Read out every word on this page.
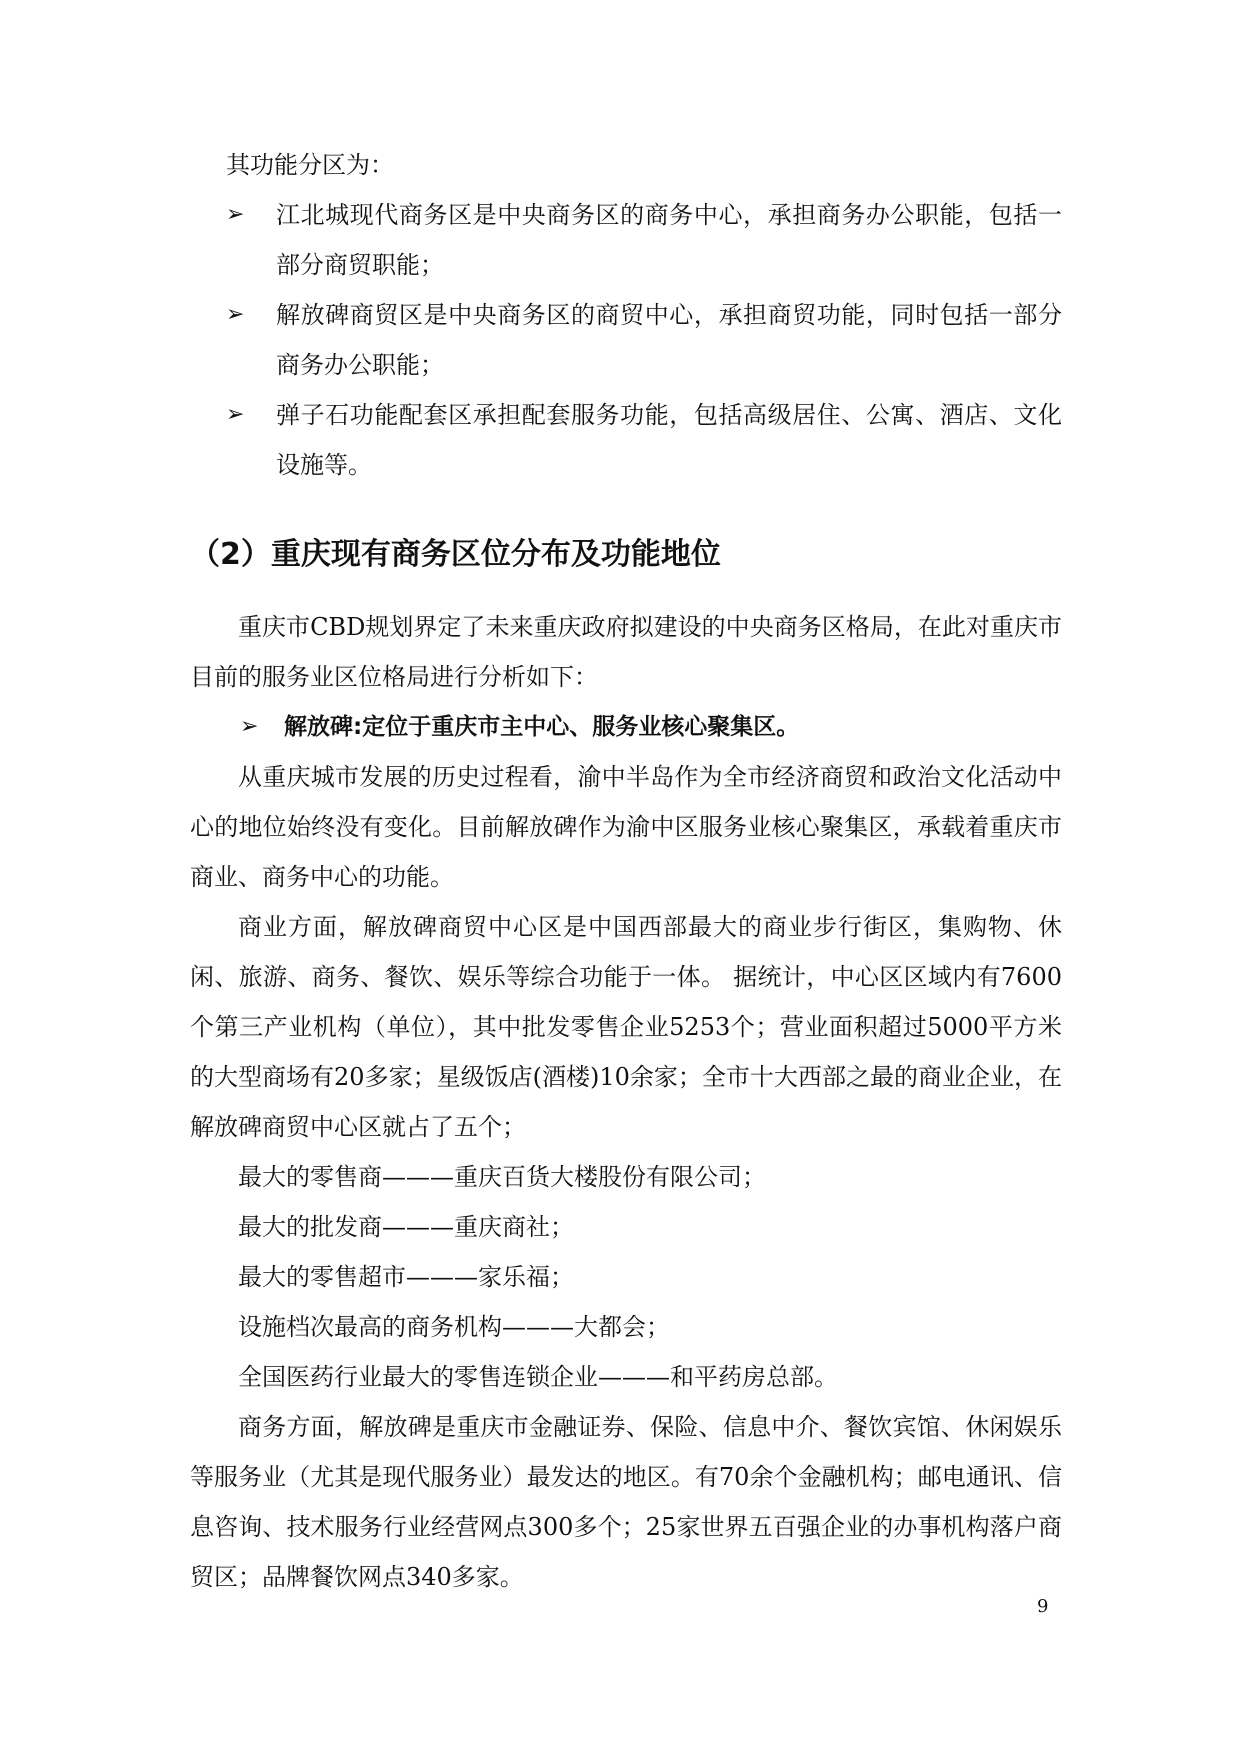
其功能分区为：

➢ 江北城现代商务区是中央商务区的商务中心，承担商务办公职能，包括一部分商贸职能；
➢ 解放碑商贸区是中央商务区的商贸中心，承担商贸功能，同时包括一部分商务办公职能；
➢ 弹子石功能配套区承担配套服务功能，包括高级居住、公寓、酒店、文化设施等。
（2）重庆现有商务区位分布及功能地位

重庆市CBD规划界定了未来重庆政府拟建设的中央商务区格局，在此对重庆市目前的服务业区位格局进行分析如下：

➢ 解放碑:定位于重庆市主中心、服务业核心聚集区。

从重庆城市发展的历史过程看，渝中半岛作为全市经济商贸和政治文化活动中心的地位始终没有变化。目前解放碑作为渝中区服务业核心聚集区，承载着重庆市商业、商务中心的功能。

商业方面，解放碑商贸中心区是中国西部最大的商业步行街区，集购物、休闲、旅游、商务、餐饮、娱乐等综合功能于一体。 据统计，中心区区域内有7600个第三产业机构（单位），其中批发零售企业5253个；营业面积超过5000平方米的大型商场有20多家；星级饭店(酒楼)10余家；全市十大西部之最的商业企业，在解放碑商贸中心区就占了五个；

最大的零售商———重庆百货大楼股份有限公司；

最大的批发商———重庆商社；

最大的零售超市———家乐福；

设施档次最高的商务机构———大都会；

全国医药行业最大的零售连锁企业———和平药房总部。

商务方面，解放碑是重庆市金融证券、保险、信息中介、餐饮宾馆、休闲娱乐等服务业（尤其是现代服务业）最发达的地区。有70余个金融机构；邮电通讯、信息咨询、技术服务行业经营网点300多个；25家世界五百强企业的办事机构落户商贸区；品牌餐饮网点340多家。

9
